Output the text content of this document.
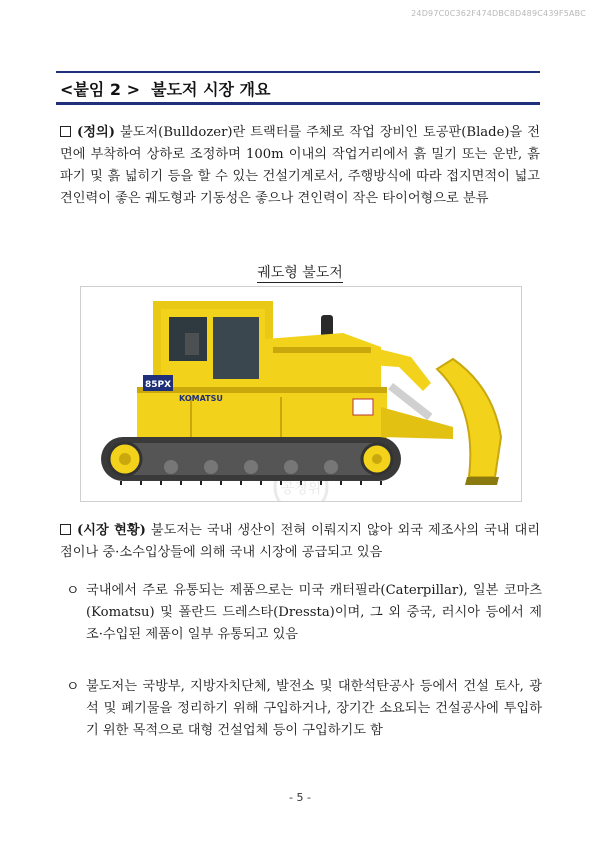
24D97C0C362F474DBC8D489C439F5ABC
<붙임 2 >  불도저 시장 개요
(정의) 불도저(Bulldozer)란 트랙터를 주체로 작업 장비인 토공판(Blade)을 전면에 부착하여 상하로 조정하며 100m 이내의 작업거리에서 흙 밀기 또는 운반, 흙 파기 및 흙 넓히기 등을 할 수 있는 건설기계로서, 주행방식에 따라 접지면적이 넓고 견인력이 좋은 궤도형과 기동성은 좋으나 견인력이 작은 타이어형으로 분류
궤도형 불도저
85PX
KOMATSU
공정위
(시장 현황) 불도저는 국내 생산이 전혀 이뤄지지 않아 외국 제조사의 국내 대리점이나 중·소수입상들에 의해 국내 시장에 공급되고 있음
ㅇ 국내에서 주로 유통되는 제품으로는 미국 캐터필라(Caterpillar), 일본 코마츠(Komatsu) 및 폴란드 드레스타(Dressta)이며, 그 외 중국, 러시아 등에서 제조·수입된 제품이 일부 유통되고 있음
ㅇ 불도저는 국방부, 지방자치단체, 발전소 및 대한석탄공사 등에서 건설 토사, 광석 및 폐기물을 정리하기 위해 구입하거나, 장기간 소요되는 건설공사에 투입하기 위한 목적으로 대형 건설업체 등이 구입하기도 함
- 5 -
